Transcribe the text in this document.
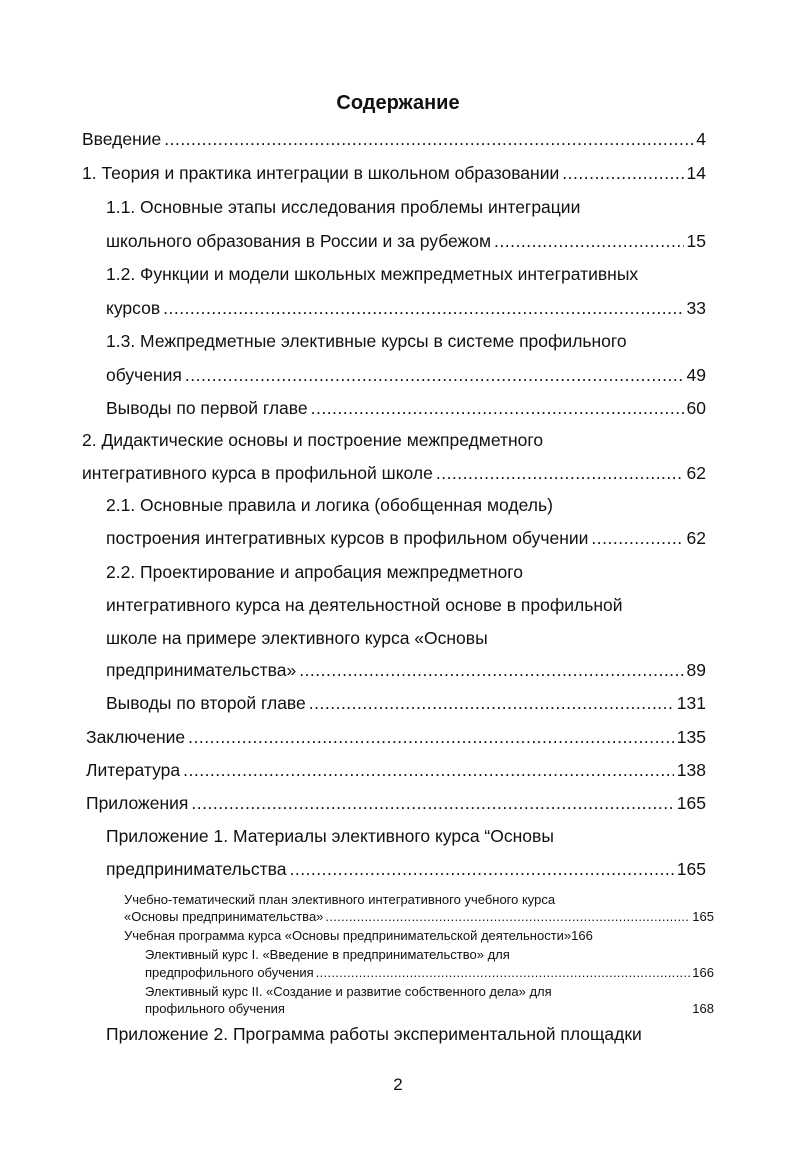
Содержание
Введение .....	4
1. Теория и практика интеграции в школьном образовании .....	14
1.1. Основные этапы исследования проблемы интеграции
школьного образования в России и за рубежом .....	15
1.2. Функции и модели школьных межпредметных интегративных
курсов .....	33
1.3. Межпредметные элективные курсы в системе профильного
обучения .....	49
Выводы по первой главе .....	60
2. Дидактические основы и построение межпредметного
интегративного курса в профильной школе .....	62
2.1. Основные правила и логика (обобщенная модель)
построения интегративных курсов в профильном обучении .....	62
2.2. Проектирование и апробация межпредметного
интегративного курса на деятельностной основе в профильной
школе на примере элективного курса «Основы
предпринимательства» .....	89
Выводы по второй главе .....	131
Заключение .....	135
Литература .....	138
Приложения .....	165
Приложение 1. Материалы элективного курса “Основы
предпринимательства .....	165
Учебно-тематический план элективного интегративного учебного курса
«Основы предпринимательства» .....	165
Учебная программа курса «Основы предпринимательской деятельности»166
Элективный курс I. «Введение в предпринимательство» для
предпрофильного обучения .....	166
Элективный курс II. «Создание и развитие собственного дела» для
профильного обучения	168
Приложение 2. Программа работы экспериментальной площадки
2
